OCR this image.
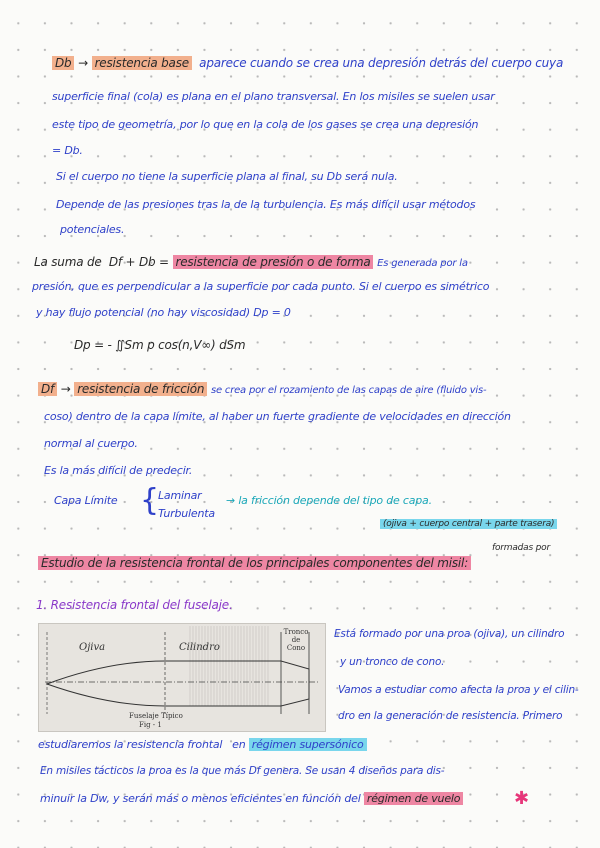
Db → resistencia base aparece cuando se crea una depresión detrás del cuerpo cuya
superficie final (cola) es plana en el plano transversal. En los misiles se suelen usar
este tipo de geometría, por lo que en la cola de los gases se crea una depresión
= Db.
Si el cuerpo no tiene la superficie plana al final, su Db será nula.
Depende de las presiones tras la de la turbulencia. Es más difícil usar métodos
potenciales.
La suma de Df + Db = resistencia de presión o de forma Es generada por la
presión, que es perpendicular a la superficie por cada punto. Si el cuerpo es simétrico
y hay flujo potencial (no hay viscosidad) Dp = 0
Dp = - ∬Sm p cos(n,V∞) dSm
Df → resistencia de fricción se crea por el rozamiento de las capas de aire (fluido vis-
coso) dentro de la capa límite, al haber un fuerte gradiente de velocidades en dirección
normal al cuerpo.
Es la más difícil de predecir.
Capa Límite {
Laminar
Turbulenta
→ la fricción depende del tipo de capa.
(ojiva + cuerpo central + parte trasera)
formadas por
Estudio de la resistencia frontal de los principales componentes del misil:
1. Resistencia frontal del fuselaje.
Ojiva	Cilindro
Tronco
de
Cono
Fuselaje Típico
Fig - 1
Está formado por una proa (ojiva), un cilindro
y un tronco de cono.
Vamos a estudiar como afecta la proa y el cilin-
dro en la generación de resistencia. Primero
estudiaremos la resistencia frontal en régimen supersónico
En misiles tácticos la proa es la que más Df genera. Se usan 4 diseños para dis-
minuir la Dw, y serán más o menos eficientes en función del régimen de vuelo	✱
